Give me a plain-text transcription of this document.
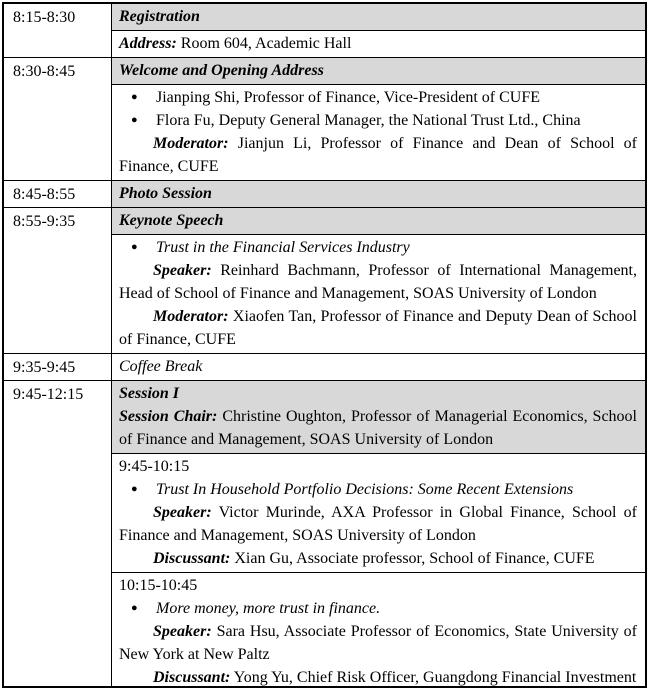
8:15-8:30	Registration
Address: Room 604, Academic Hall
8:30-8:45	Welcome and Opening Address
●	Jianping Shi, Professor of Finance, Vice-President of CUFE
●	Flora Fu, Deputy General Manager, the National Trust Ltd., China
Moderator: Jianjun Li, Professor of Finance and Dean of School of Finance, CUFE
8:45-8:55	Photo Session
8:55-9:35	Keynote Speech
●	Trust in the Financial Services Industry
Speaker: Reinhard Bachmann, Professor of International Management, Head of School of Finance and Management, SOAS University of London
Moderator: Xiaofen Tan, Professor of Finance and Deputy Dean of School of Finance, CUFE
9:35-9:45	Coffee Break
9:45-12:15	Session I
Session Chair: Christine Oughton, Professor of Managerial Economics, School of Finance and Management, SOAS University of London
9:45-10:15
●	Trust In Household Portfolio Decisions: Some Recent Extensions
Speaker: Victor Murinde, AXA Professor in Global Finance, School of Finance and Management, SOAS University of London
Discussant: Xian Gu, Associate professor, School of Finance, CUFE
10:15-10:45
●	More money, more trust in finance.
Speaker: Sara Hsu, Associate Professor of Economics, State University of New York at New Paltz
Discussant: Yong Yu, Chief Risk Officer, Guangdong Financial Investment
